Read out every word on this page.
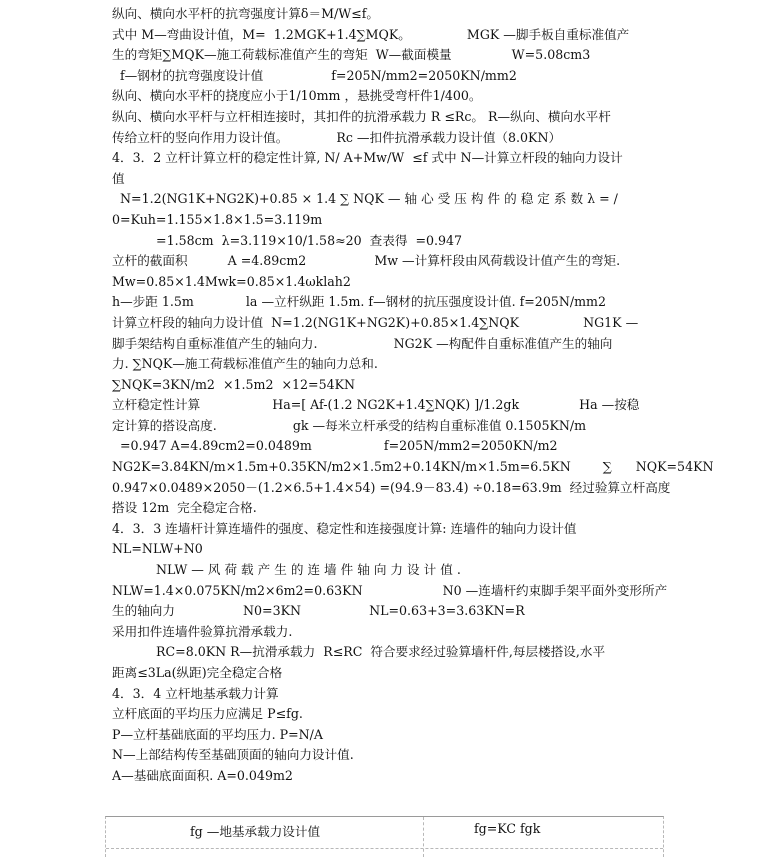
纵向、横向水平杆的抗弯强度计算δ＝M/W≤f。
式中 M—弯曲设计值，M=  1.2MGK+1.4∑MQK。              MGK —脚手板自重标准值产
生的弯矩∑MQK—施工荷载标准值产生的弯矩  W—截面模量               W=5.08cm3
f—钢材的抗弯强度设计值                 f=205N/mm2=2050KN/mm2
纵向、横向水平杆的挠度应小于1/10mm ，悬挑受弯杆件1/400。
纵向、横向水平杆与立杆相连接时，其扣件的抗滑承载力 R ≤Rc。 R—纵向、横向水平杆
传给立杆的竖向作用力设计值。            Rc —扣件抗滑承载力设计值（8.0KN）
4．3．2 立杆计算立杆的稳定性计算, N/ A+Mw/W  ≤f 式中 N—计算立杆段的轴向力设计
值
N=1.2(NG1K+NG2K)+0.85 × 1.4 ∑ NQK — 轴 心 受 压 构 件 的 稳 定 系 数 λ = /
0=Kuh=1.155×1.8×1.5=3.119m
=1.58cm  λ=3.119×10/1.58≈20  查表得  =0.947
立杆的截面积          A =4.89cm2                 Mw —计算杆段由风荷载设计值产生的弯矩.
Mw=0.85×1.4Mwk=0.85×1.4ωklah2
h—步距 1.5m             la —立杆纵距 1.5m. f—钢材的抗压强度设计值. f=205N/mm2
计算立杆段的轴向力设计值  N=1.2(NG1K+NG2K)+0.85×1.4∑NQK                NG1K —
脚手架结构自重标准值产生的轴向力.                   NG2K —构配件自重标准值产生的轴向
力. ∑NQK—施工荷载标准值产生的轴向力总和.
∑NQK=3KN/m2  ×1.5m2  ×12=54KN
立杆稳定性计算                  Ha=[ Af-(1.2 NG2K+1.4∑NQK) ]/1.2gk               Ha —按稳
定计算的搭设高度.                   gk —每米立杆承受的结构自重标准值 0.1505KN/m
=0.947 A=4.89cm2=0.0489m                  f=205N/mm2=2050KN/m2
NG2K=3.84KN/m×1.5m+0.35KN/m2×1.5m2+0.14KN/m×1.5m=6.5KN        ∑      NQK=54KN
0.947×0.0489×2050－(1.2×6.5+1.4×54) =(94.9－83.4) ÷0.18=63.9m  经过验算立杆高度
搭设 12m  完全稳定合格.
4．3．3 连墙杆计算连墙件的强度、稳定性和连接强度计算: 连墙件的轴向力设计值
NL=NLW+N0
NLW — 风 荷 载 产 生 的 连 墙 件 轴 向 力 设 计 值 .
NLW=1.4×0.075KN/m2×6m2=0.63KN                    N0 —连墙杆约束脚手架平面外变形所产
生的轴向力                 N0=3KN                 NL=0.63+3=3.63KN=R
采用扣件连墙件验算抗滑承载力.
RC=8.0KN R—抗滑承载力  R≤RC  符合要求经过验算墙杆件,每层楼搭设,水平
距离≤3La(纵距)完全稳定合格
4．3．4 立杆地基承载力计算
立杆底面的平均压力应满足 P≤fg.
P—立杆基础底面的平均压力. P=N/A
N—上部结构传至基础顶面的轴向力设计值.
A—基础底面面积. A=0.049m2
fg —地基承载力设计值	fg=KC fgk
